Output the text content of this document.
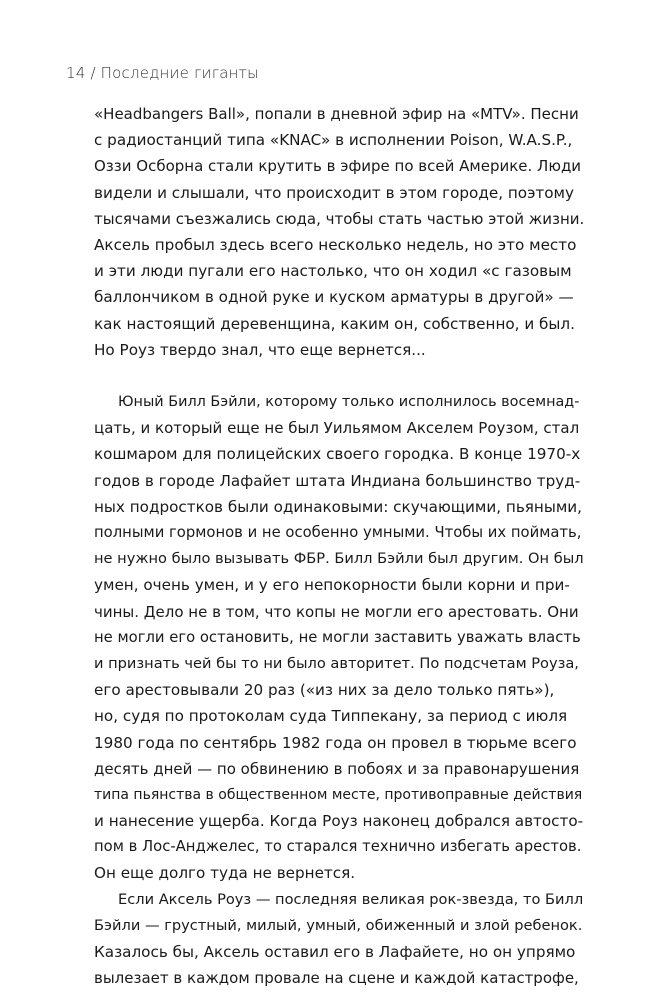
14 / Последние гиганты
«Headbangers Ball», попали в дневной эфир на «MTV». Песни
с радиостанций типа «KNAC» в исполнении Poison, W.A.S.P.,
Оззи Осборна стали крутить в эфире по всей Америке. Люди
видели и слышали, что происходит в этом городе, поэтому
тысячами съезжались сюда, чтобы стать частью этой жизни.
Аксель пробыл здесь всего несколько недель, но это место
и эти люди пугали его настолько, что он ходил «с газовым
баллончиком в одной руке и куском арматуры в другой» —
как настоящий деревенщина, каким он, собственно, и был.
Но Роуз твердо знал, что еще вернется...
Юный Билл Бэйли, которому только исполнилось восемнад-
цать, и который еще не был Уильямом Акселем Роузом, стал
кошмаром для полицейских своего городка. В конце 1970-х
годов в городе Лафайет штата Индиана большинство труд-
ных подростков были одинаковыми: скучающими, пьяными,
полными гормонов и не особенно умными. Чтобы их поймать,
не нужно было вызывать ФБР. Билл Бэйли был другим. Он был
умен, очень умен, и у его непокорности были корни и при-
чины. Дело не в том, что копы не могли его арестовать. Они
не могли его остановить, не могли заставить уважать власть
и признать чей бы то ни было авторитет. По подсчетам Роуза,
его арестовывали 20 раз («из них за дело только пять»),
но, судя по протоколам суда Типпекану, за период с июля
1980 года по сентябрь 1982 года он провел в тюрьме всего
десять дней — по обвинению в побоях и за правонарушения
типа пьянства в общественном месте, противоправные действия
и нанесение ущерба. Когда Роуз наконец добрался автосто-
пом в Лос-Анджелес, то старался технично избегать арестов.
Он еще долго туда не вернется.
Если Аксель Роуз — последняя великая рок-звезда, то Билл
Бэйли — грустный, милый, умный, обиженный и злой ребенок.
Казалось бы, Аксель оставил его в Лафайете, но он упрямо
вылезает в каждом провале на сцене и каждой катастрофе,
